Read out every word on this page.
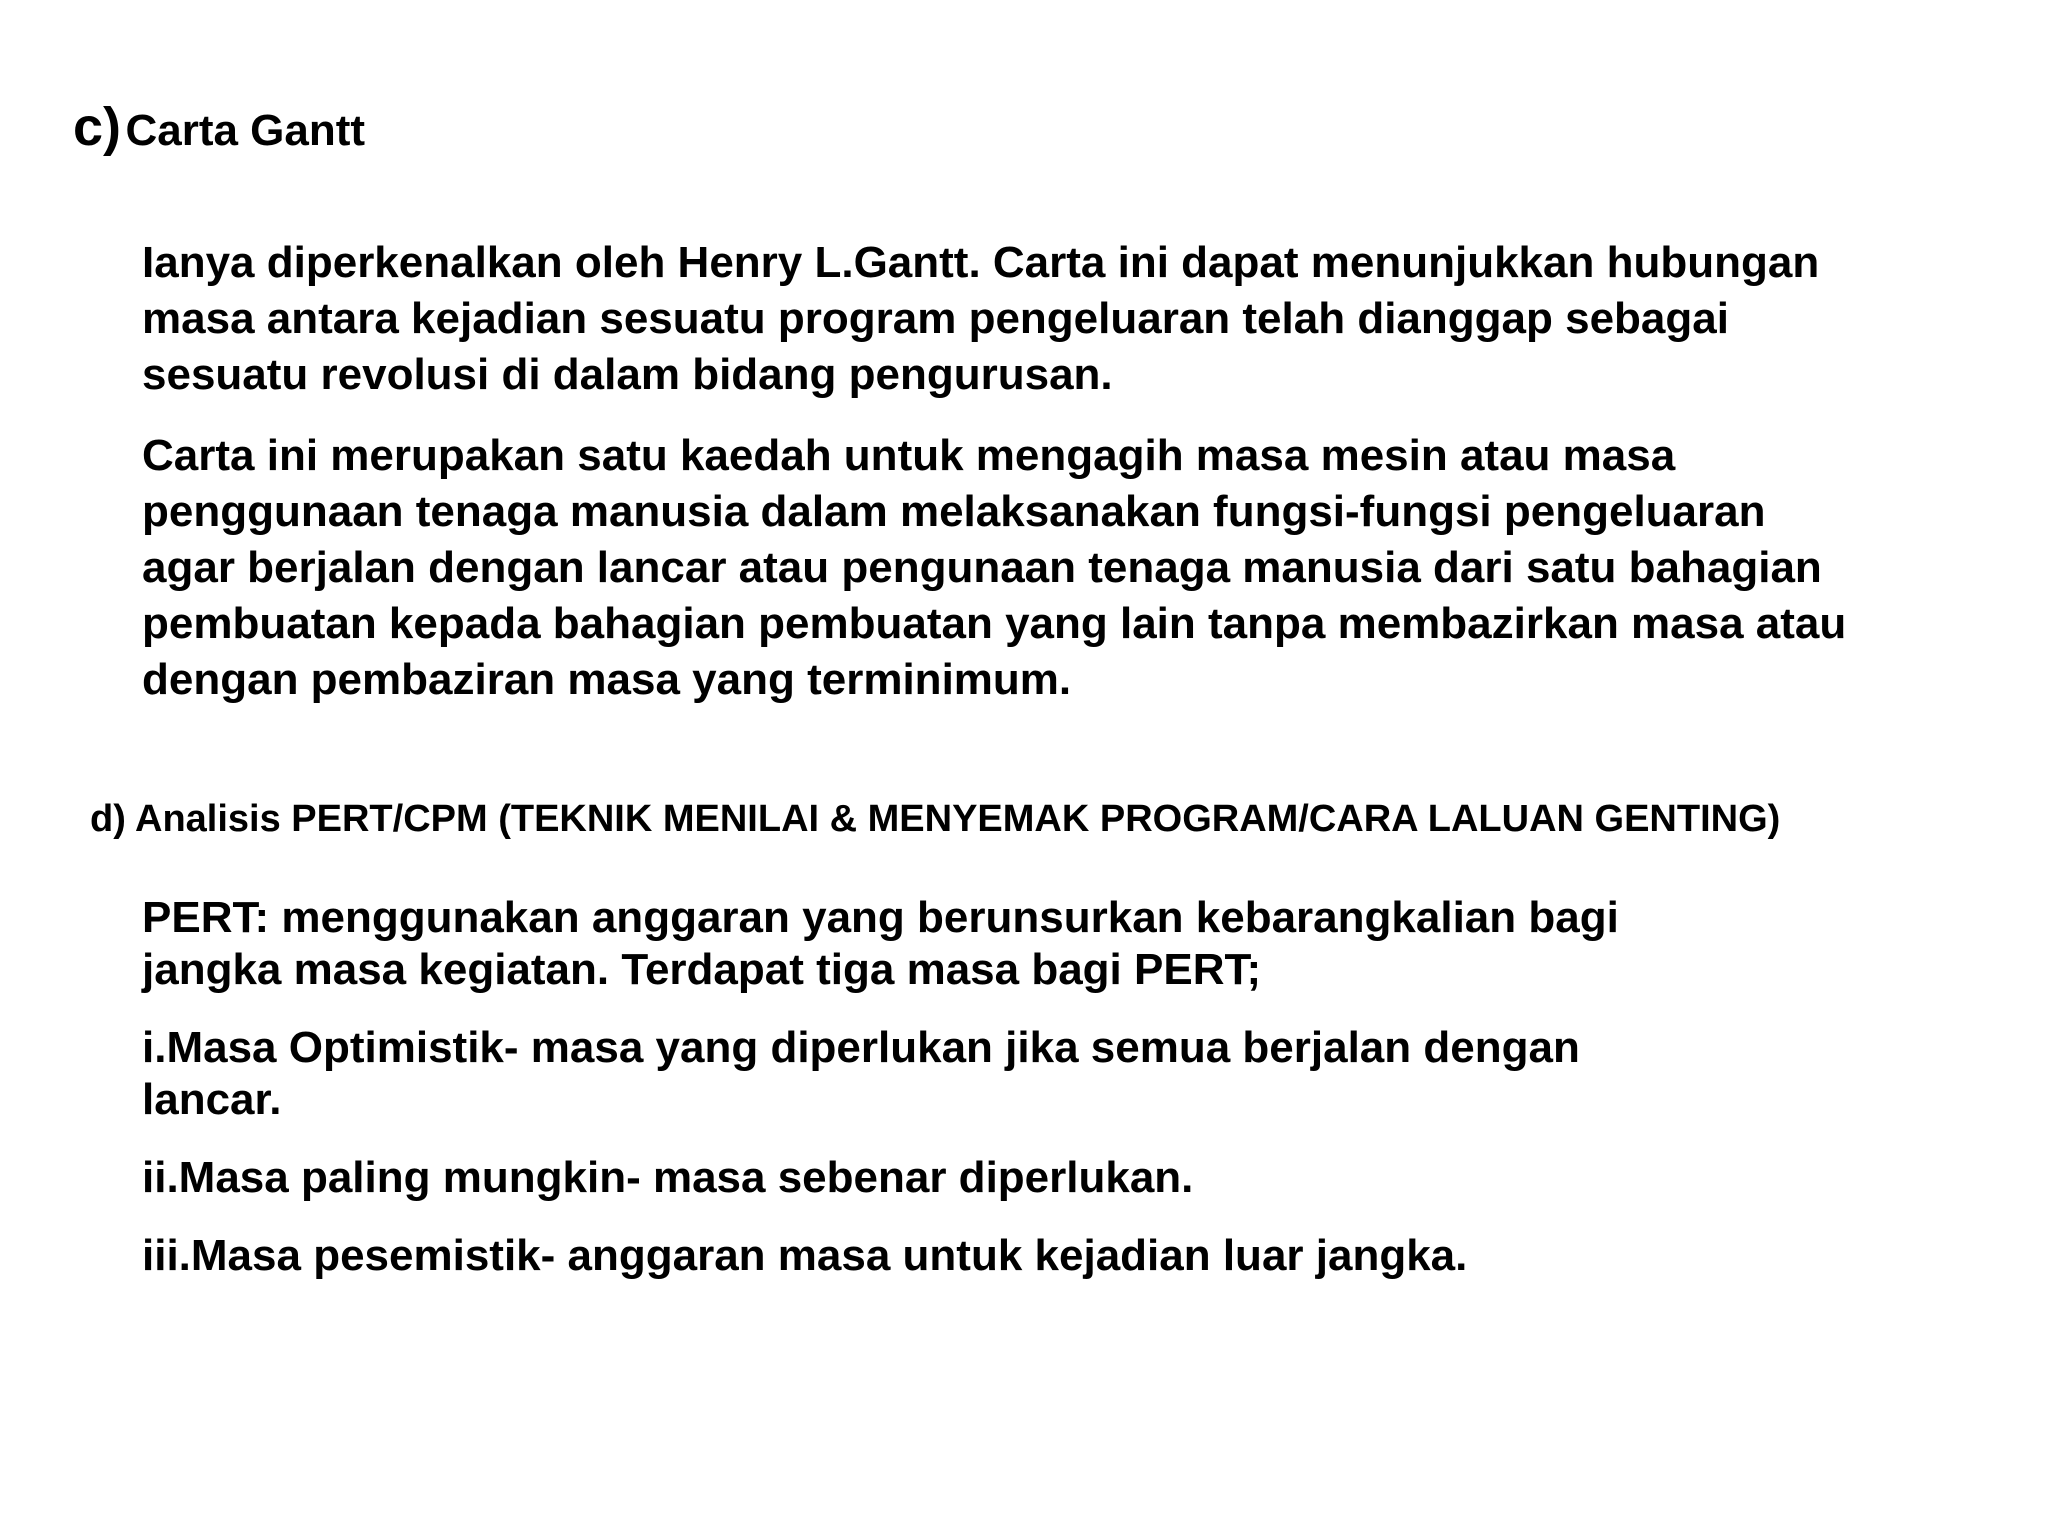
c) Carta Gantt
Ianya diperkenalkan oleh Henry L.Gantt. Carta ini dapat menunjukkan hubungan
masa antara kejadian sesuatu program pengeluaran telah dianggap sebagai
sesuatu revolusi di dalam bidang pengurusan.
Carta ini merupakan satu kaedah untuk mengagih masa mesin atau masa
penggunaan tenaga manusia dalam melaksanakan fungsi-fungsi pengeluaran
agar berjalan dengan lancar atau pengunaan tenaga manusia dari satu bahagian
pembuatan kepada bahagian pembuatan yang lain tanpa membazirkan masa atau
dengan pembaziran masa yang terminimum.
d) Analisis PERT/CPM (TEKNIK MENILAI & MENYEMAK PROGRAM/CARA LALUAN GENTING)
PERT: menggunakan anggaran yang berunsurkan kebarangkalian bagi
jangka masa kegiatan. Terdapat tiga masa bagi PERT;
i.Masa Optimistik- masa yang diperlukan jika semua berjalan dengan
lancar.
ii.Masa paling mungkin- masa sebenar diperlukan.
iii.Masa pesemistik- anggaran masa untuk kejadian luar jangka.
